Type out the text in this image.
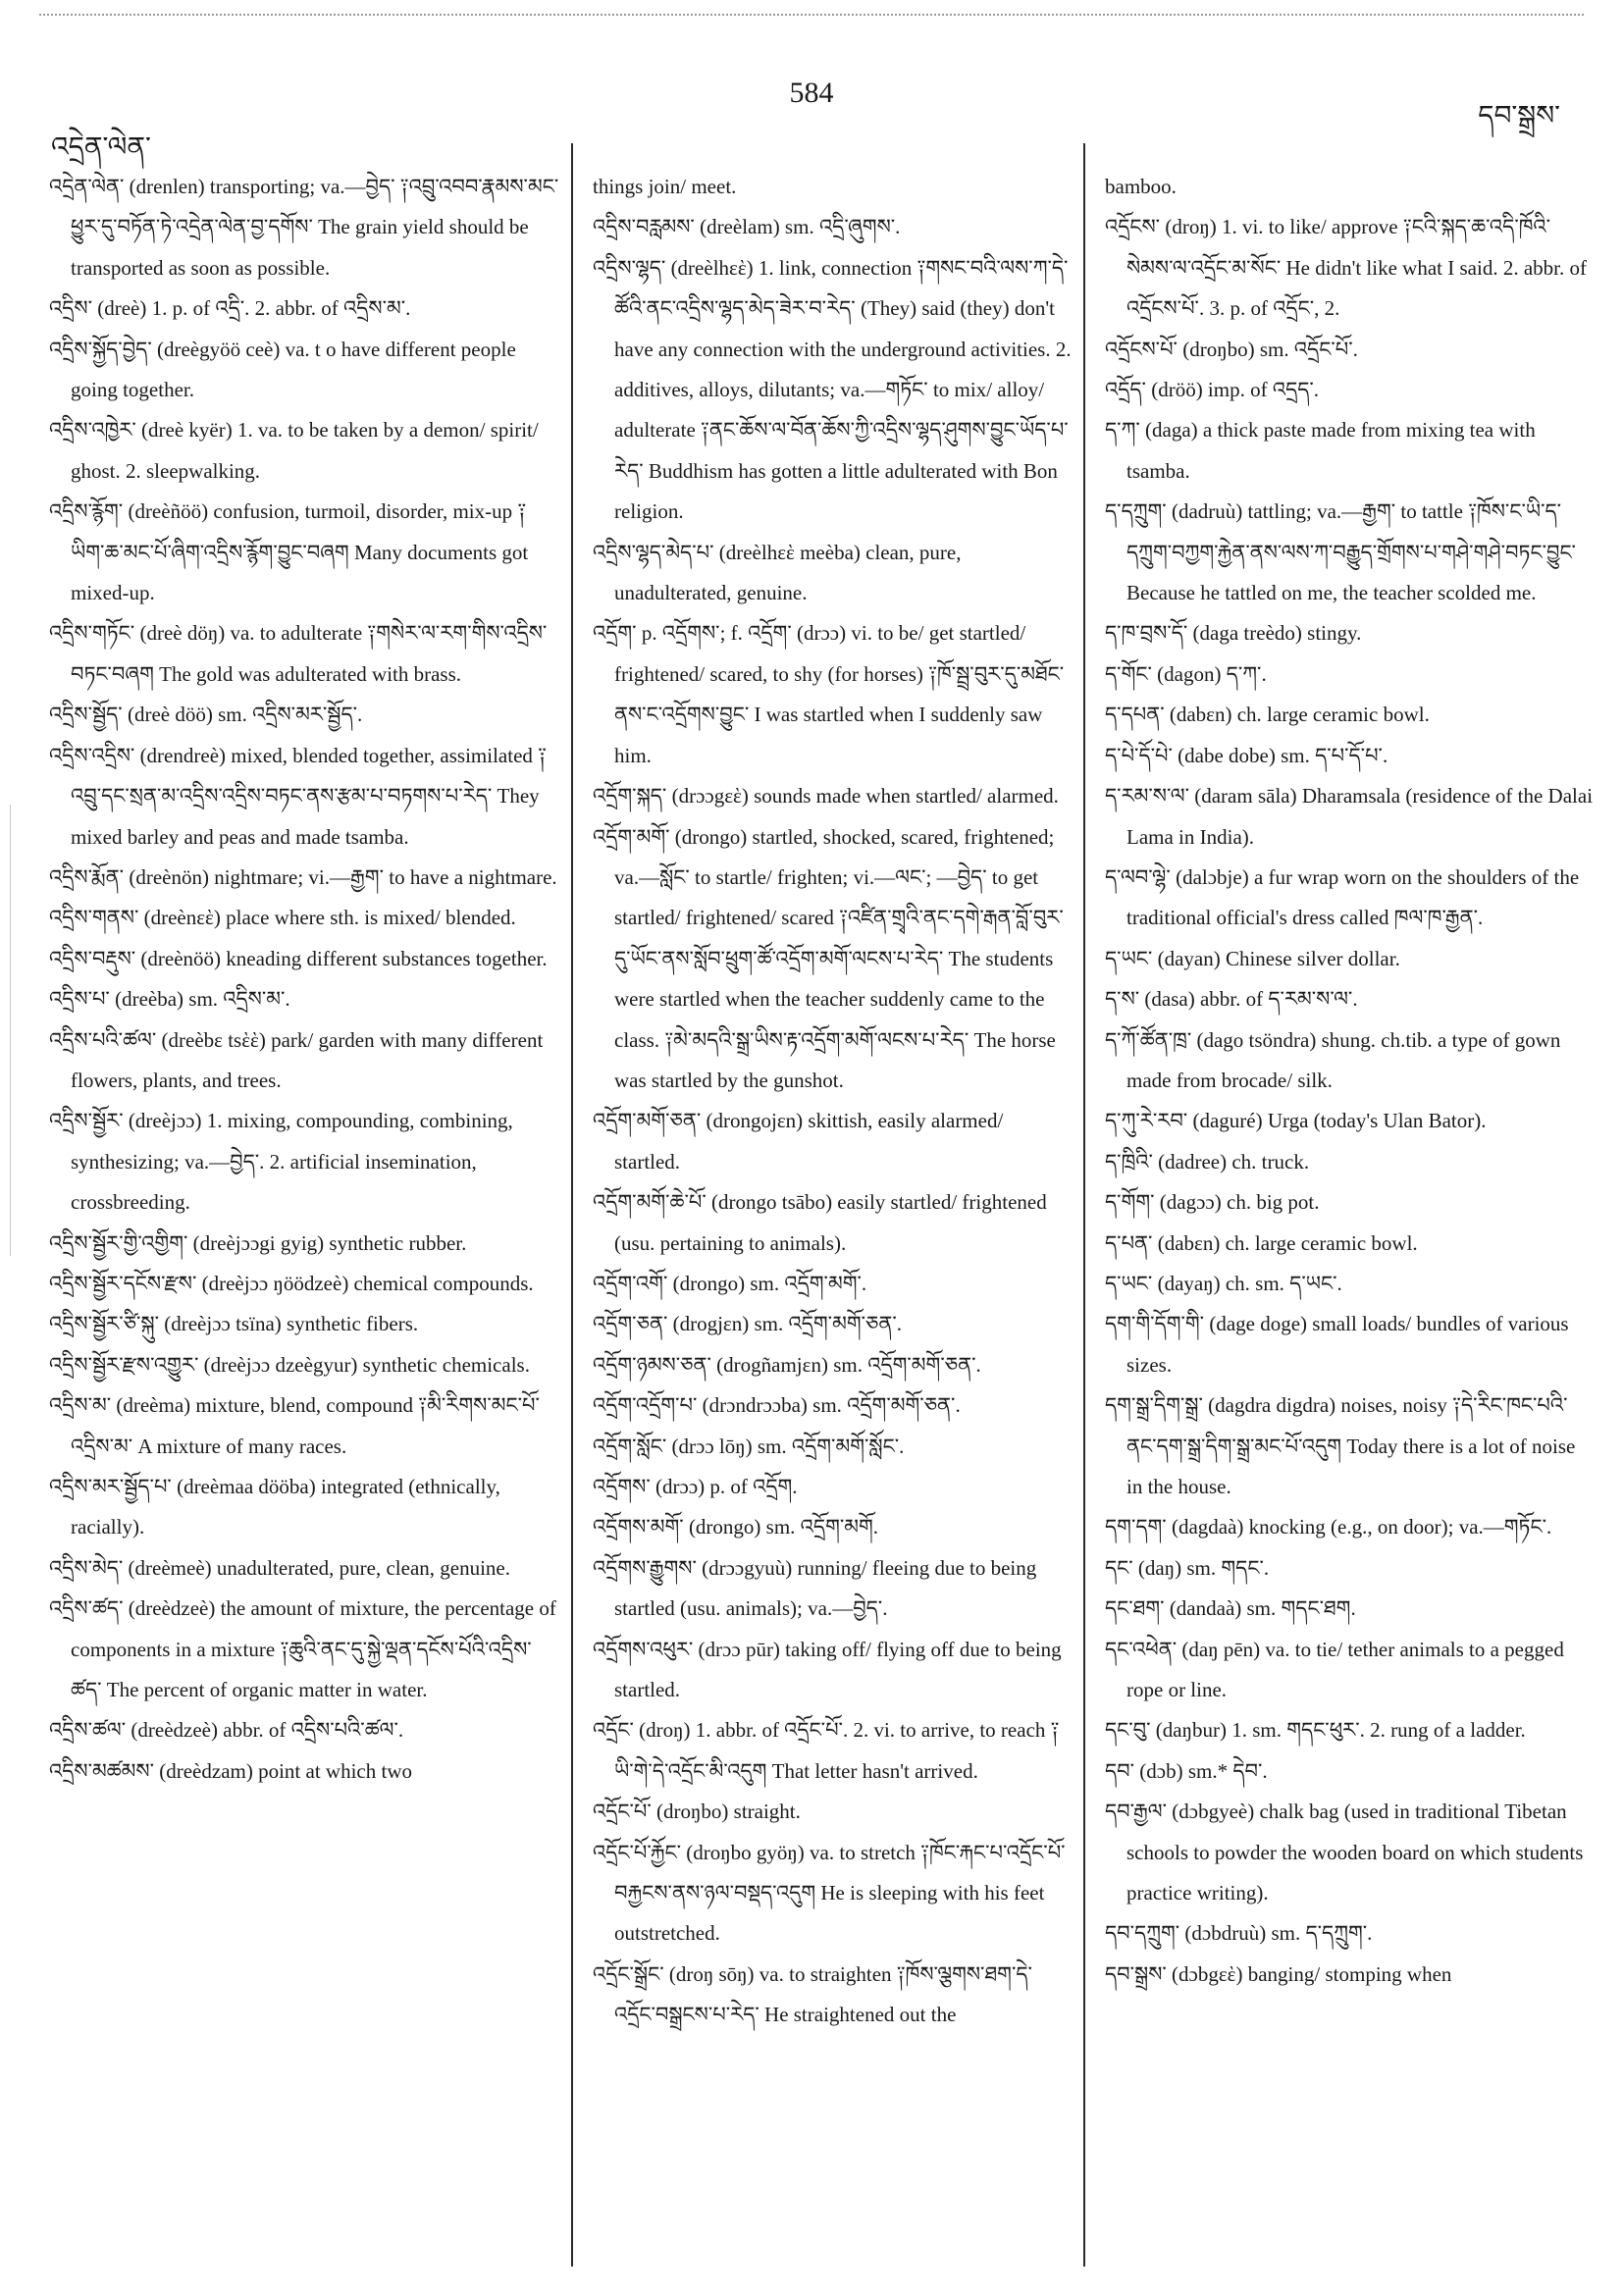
འདྲེན་ལེན་
584
དབ་སྒྲས་

འདྲེན་ལེན་ (drenlen) transporting; va.—བྱེད་ ༑འབྲུ་འབབ་རྣམས་མང་ཕྱུར་དུ་བཏོན་ཏེ་འདྲེན་ལེན་བྱ་དགོས་ The grain yield should be transported as soon as possible.

འདྲིས་ (dreè) 1. p. of འདྲི་. 2. abbr. of འདྲིས་མ་.

འདྲིས་སྐྱོད་བྱེད་ (dreègyöö ceè) va. t o have different people going together.

འདྲིས་འཁྱེར་ (dreè kyër) 1. va. to be taken by a demon/ spirit/ ghost. 2. sleepwalking.

འདྲིས་རྙོག་ (dreèñöö) confusion, turmoil, disorder, mix-up ༑ཡིག་ཆ་མང་པོ་ཞིག་འདྲིས་རྙོག་བྱུང་བཞག Many documents got mixed-up.

འདྲིས་གཏོང་ (dreè döŋ) va. to adulterate ༑གསེར་ལ་རག་གིས་འདྲིས་བཏང་བཞག The gold was adulterated with brass.

འདྲིས་སྦྱོད་ (dreè döö) sm. འདྲིས་མར་སྦྱོད་.

འདྲིས་འདྲིས་ (drendreè) mixed, blended together, assimilated ༑འབྲུ་དང་སྲན་མ་འདྲིས་འདྲིས་བཏང་ནས་རྩམ་པ་བཏགས་པ་རེད་ They mixed barley and peas and made tsamba.

འདྲིས་རྨོན་ (dreènön) nightmare; vi.—རྒྱག་ to have a nightmare.

འདྲིས་གནས་ (dreènεὲ) place where sth. is mixed/ blended.

འདྲིས་བརྡུས་ (dreènöö) kneading different substances together.

འདྲིས་པ་ (dreèba) sm. འདྲིས་མ་.

འདྲིས་པའི་ཚལ་ (dreèbε tsὲὲ) park/ garden with many different flowers, plants, and trees.

འདྲིས་སྦྱོར་ (dreèjɔɔ) 1. mixing, compounding, combining, synthesizing; va.—བྱེད་. 2. artificial insemination, crossbreeding.

འདྲིས་སྦྱོར་གྱི་འགྱིག་ (dreèjɔɔgi gyig) synthetic rubber.

འདྲིས་སྦྱོར་དངོས་རྫས་ (dreèjɔɔ ŋöödzeè) chemical compounds.

འདྲིས་སྦྱོར་ཙི་སྐུ་ (dreèjɔɔ tsïna) synthetic fibers.

འདྲིས་སྦྱོར་རྫས་འགྱུར་ (dreèjɔɔ dzeègyur) synthetic chemicals.

འདྲིས་མ་ (dreèma) mixture, blend, compound ༑མི་རིགས་མང་པོ་འདྲིས་མ་ A mixture of many races.

འདྲིས་མར་སྦྱོད་པ་ (dreèmaa dööba) integrated (ethnically, racially).

འདྲིས་མེད་ (dreèmeè) unadulterated, pure, clean, genuine.

འདྲིས་ཚད་ (dreèdzeè) the amount of mixture, the percentage of components in a mixture ༑ཆུའི་ནང་དུ་སྐྱེ་ལྡན་དངོས་པོའི་འདྲིས་ཚད་ The percent of organic matter in water.

འདྲིས་ཚལ་ (dreèdzeè) abbr. of འདྲིས་པའི་ཚལ་.

འདྲིས་མཚམས་ (dreèdzam) point at which two

things join/ meet.

འདྲིས་བརླམས་ (dreèlam) sm. འདྲི་ཞུགས་.

འདྲིས་ལྷད་ (dreèlhεὲ) 1. link, connection ༑གསང་བའི་ལས་ཀ་དེ་ཚོའི་ནང་འདྲིས་ལྷད་མེད་ཟེར་བ་རེད་ (They) said (they) don't have any connection with the underground activities. 2. additives, alloys, dilutants; va.—གཏོང་ to mix/ alloy/ adulterate ༑ནང་ཆོས་ལ་བོན་ཆོས་ཀྱི་འདྲིས་ལྷད་ཤུགས་བྱུང་ཡོད་པ་རེད་ Buddhism has gotten a little adulterated with Bon religion.

འདྲིས་ལྷད་མེད་པ་ (dreèlhεὲ meèba) clean, pure, unadulterated, genuine.

འདྲོག་ p. འདྲོགས་; f. འདྲོག་ (drɔɔ) vi. to be/ get startled/ frightened/ scared, to shy (for horses) ༑ཁོ་སྦྲ་བུར་དུ་མཐོང་ནས་ང་འདྲོགས་བྱུང་ I was startled when I suddenly saw him.

འདྲོག་སྐད་ (drɔɔgεὲ) sounds made when startled/ alarmed.

འདྲོག་མགོ་ (drongo) startled, shocked, scared, frightened; va.—སློང་ to startle/ frighten; vi.—ལང་; —བྱེད་ to get startled/ frightened/ scared ༑འཛིན་གྲྭའི་ནང་དགེ་རྒན་བློ་བུར་དུ་ཡོང་ནས་སློབ་ཕྲུག་ཚོ་འདྲོག་མགོ་ལངས་པ་རེད་ The students were startled when the teacher suddenly came to the class. ༑མེ་མདའི་སྒྲ་ཡིས་རྟ་འདྲོག་མགོ་ལངས་པ་རེད་ The horse was startled by the gunshot.

འདྲོག་མགོ་ཅན་ (drongojεn) skittish, easily alarmed/ startled.

འདྲོག་མགོ་ཆེ་པོ་ (drongo tsābo) easily startled/ frightened (usu. pertaining to animals).

འདྲོག་འགོ་ (drongo) sm. འདྲོག་མགོ་.

འདྲོག་ཅན་ (drogjεn) sm. འདྲོག་མགོ་ཅན་.

འདྲོག་ཉམས་ཅན་ (drogñamjεn) sm. འདྲོག་མགོ་ཅན་.

འདྲོག་འདྲོག་པ་ (drɔndrɔɔba) sm. འདྲོག་མགོ་ཅན་.

འདྲོག་སློང་ (drɔɔ lōŋ) sm. འདྲོག་མགོ་སློང་.

འདྲོགས་ (drɔɔ) p. of འདྲོག.

འདྲོགས་མགོ་ (drongo) sm. འདྲོག་མགོ.

འདྲོགས་རྒྱུགས་ (drɔɔgyuù) running/ fleeing due to being startled (usu. animals); va.—བྱེད་.

འདྲོགས་འཕུར་ (drɔɔ pūr) taking off/ flying off due to being startled.

འདྲོང་ (droŋ) 1. abbr. of འདྲོང་པོ་. 2. vi. to arrive, to reach ༑ཡི་གེ་དེ་འདྲོང་མི་འདུག That letter hasn't arrived.

འདྲོང་པོ་ (droŋbo) straight.

འདྲོང་པོ་རྐྱོང་ (droŋbo gyöŋ) va. to stretch ༑ཁོང་རྐང་པ་འདྲོང་པོ་བརྐྱངས་ནས་ཉལ་བསྡད་འདུག He is sleeping with his feet outstretched.

འདྲོང་སྒྲོང་ (droŋ sōŋ) va. to straighten ༑ཁོས་ལྕགས་ཐག་དེ་འདྲོང་བསྒྲངས་པ་རེད་ He straightened out the

bamboo.

འདྲོངས་ (droŋ) 1. vi. to like/ approve ༑ངའི་སྐད་ཆ་འདི་ཁོའི་སེམས་ལ་འདྲོང་མ་སོང་ He didn't like what I said. 2. abbr. of འདྲོངས་པོ་. 3. p. of འདྲོང་, 2.

འདྲོངས་པོ་ (droŋbo) sm. འདྲོང་པོ་.

འདྲོད་ (dröö) imp. of འདྲད་.

ད་ཀ་ (daga) a thick paste made from mixing tea with tsamba.

ད་དཀྲུག་ (dadruù) tattling; va.—རྒྱག་ to tattle ༑ཁོས་ང་ཡི་ད་དཀྲུག་བཀྱག་རྐྱེན་ནས་ལས་ཀ་བརྒྱུད་གྲོགས་པ་གཤེ་གཤེ་བཏང་བྱུང་ Because he tattled on me, the teacher scolded me.

ད་ཁ་བྲས་དོ་ (daga treèdo) stingy.

ད་གོང་ (dagon) ད་ཀ་.

ད་དཔན་ (dabεn) ch. large ceramic bowl.

ད་པེ་དོ་པེ་ (dabe dobe) sm. ད་པ་དོ་པ་.

ད་རམ་ས་ལ་ (daram sāla) Dharamsala (residence of the Dalai Lama in India).

ད་ལབ་ལྷེ་ (dalɔbje) a fur wrap worn on the shoulders of the traditional official's dress called ཁལ་ཁ་རྒྱན་.

ད་ཡང་ (dayan) Chinese silver dollar.

ད་ས་ (dasa) abbr. of ད་རམ་ས་ལ་.

ད་ཀོ་ཚོན་ཁྲ་ (dago tsöndra) shung. ch.tib. a type of gown made from brocade/ silk.

ད་ཀུ་རེ་རབ་ (daguré) Urga (today's Ulan Bator).

ད་ཁྲིའི་ (dadree) ch. truck.

ད་གོག་ (dagɔɔ) ch. big pot.

ད་པན་ (dabεn) ch. large ceramic bowl.

ད་ཡང་ (dayaŋ) ch. sm. ད་ཡང་.

དག་གི་དོག་གི་ (dage doge) small loads/ bundles of various sizes.

དག་སྒྲ་དིག་སྒྲ་ (dagdra digdra) noises, noisy ༑དེ་རིང་ཁང་པའི་ནང་དག་སྒྲ་དིག་སྒྲ་མང་པོ་འདུག Today there is a lot of noise in the house.

དག་དག་ (dagdaà) knocking (e.g., on door); va.—གཏོང་.

དང་ (daŋ) sm. གདང་.

དང་ཐག་ (dandaà) sm. གདང་ཐག.

དང་འཕེན་ (daŋ pēn) va. to tie/ tether animals to a pegged rope or line.

དང་བུ་ (daŋbur) 1. sm. གདང་ཕུར་. 2. rung of a ladder.

དབ་ (dɔb) sm.* དེབ་.

དབ་རྒྱལ་ (dɔbgyeè) chalk bag (used in traditional Tibetan schools to powder the wooden board on which students practice writing).

དབ་དཀྲུག་ (dɔbdruù) sm. ད་དཀྲུག་.

དབ་སྒྲས་ (dɔbgεὲ) banging/ stomping when
